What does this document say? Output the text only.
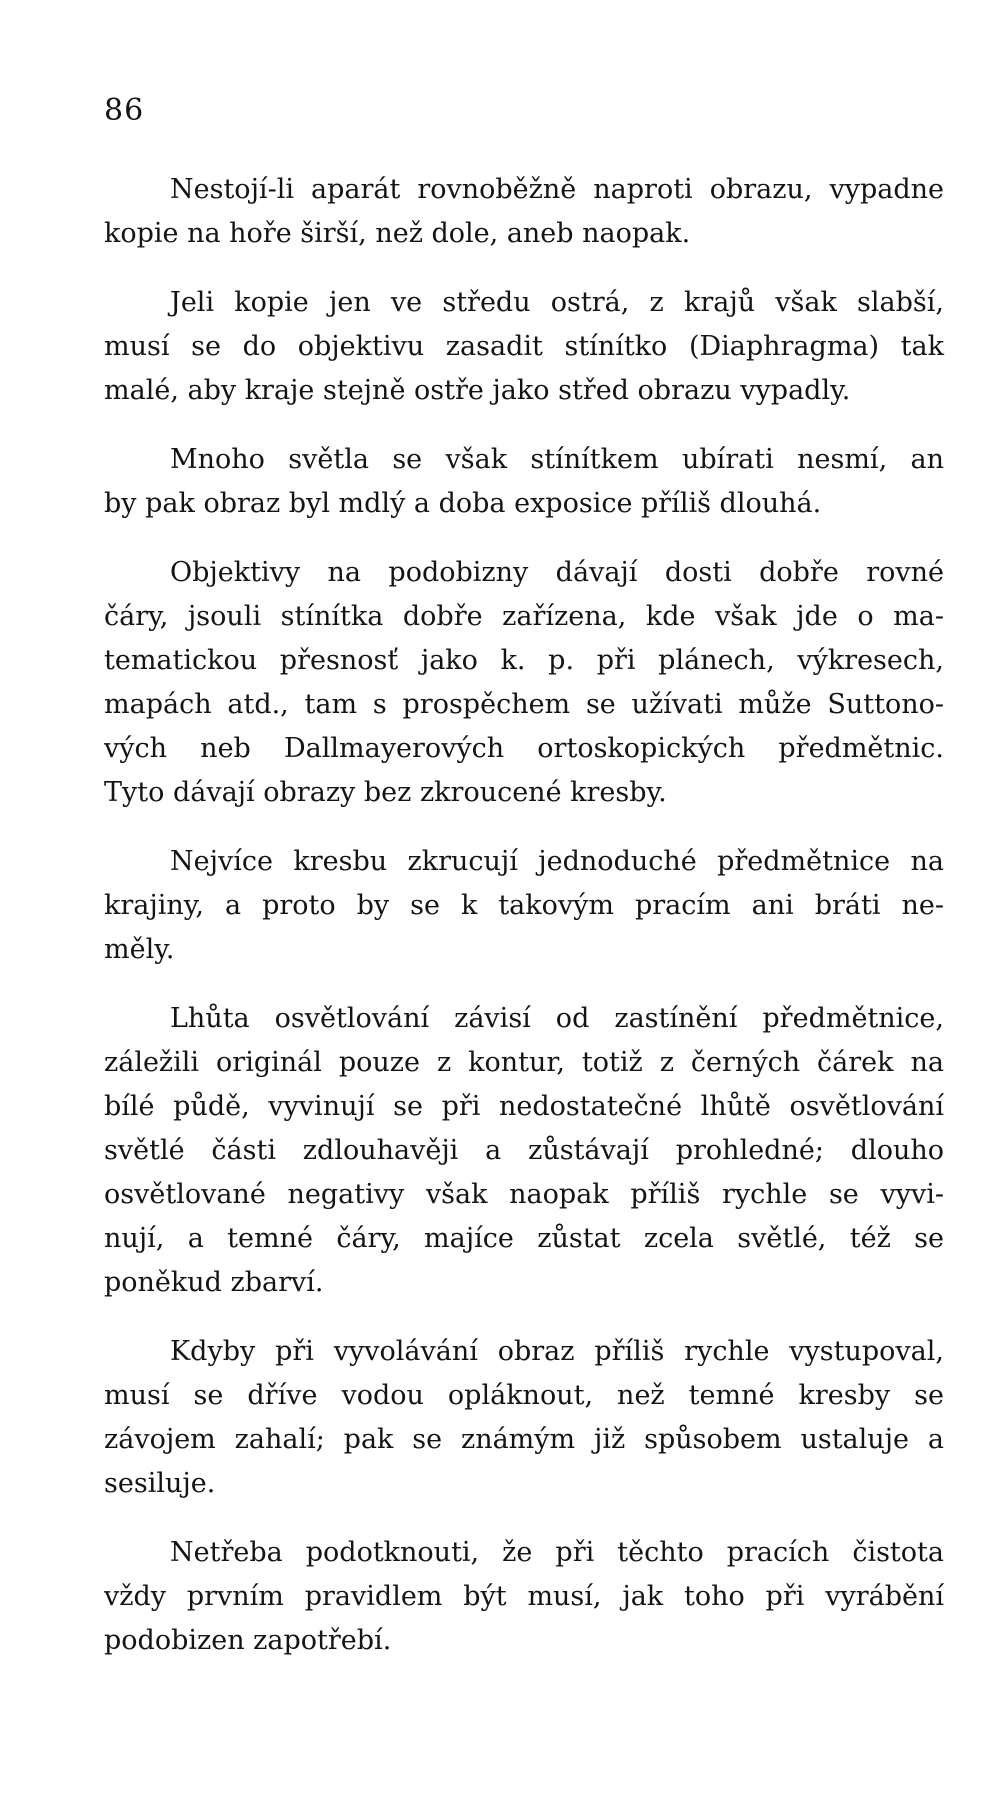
86

Nestojí-li aparát rovnoběžně naproti obrazu, vypadne
kopie na hoře širší, než dole, aneb naopak.

Jeli kopie jen ve středu ostrá, z krajů však slabší,
musí se do objektivu zasadit stínítko (Diaphragma) tak
malé, aby kraje stejně ostře jako střed obrazu vypadly.

Mnoho světla se však stínítkem ubírati nesmí, an
by pak obraz byl mdlý a doba exposice příliš dlouhá.

Objektivy na podobizny dávají dosti dobře rovné
čáry, jsouli stínítka dobře zařízena, kde však jde o ma-
tematickou přesnosť jako k. p. při plánech, výkresech,
mapách atd., tam s prospěchem se užívati může Suttono-
vých neb Dallmayerových ortoskopických předmětnic.
Tyto dávají obrazy bez zkroucené kresby.

Nejvíce kresbu zkrucují jednoduché předmětnice na
krajiny, a proto by se k takovým pracím ani bráti ne-
měly.

Lhůta osvětlování závisí od zastínění předmětnice,
záležili originál pouze z kontur, totiž z černých čárek na
bílé půdě, vyvinují se při nedostatečné lhůtě osvětlování
světlé části zdlouhavěji a zůstávají prohledné; dlouho
osvětlované negativy však naopak příliš rychle se vyvi-
nují, a temné čáry, majíce zůstat zcela světlé, též se
poněkud zbarví.

Kdyby při vyvolávání obraz příliš rychle vystupoval,
musí se dříve vodou opláknout, než temné kresby se
závojem zahalí; pak se známým již spůsobem ustaluje a
sesiluje.

Netřeba podotknouti, že při těchto pracích čistota
vždy prvním pravidlem být musí, jak toho při vyrábění
podobizen zapotřebí.
